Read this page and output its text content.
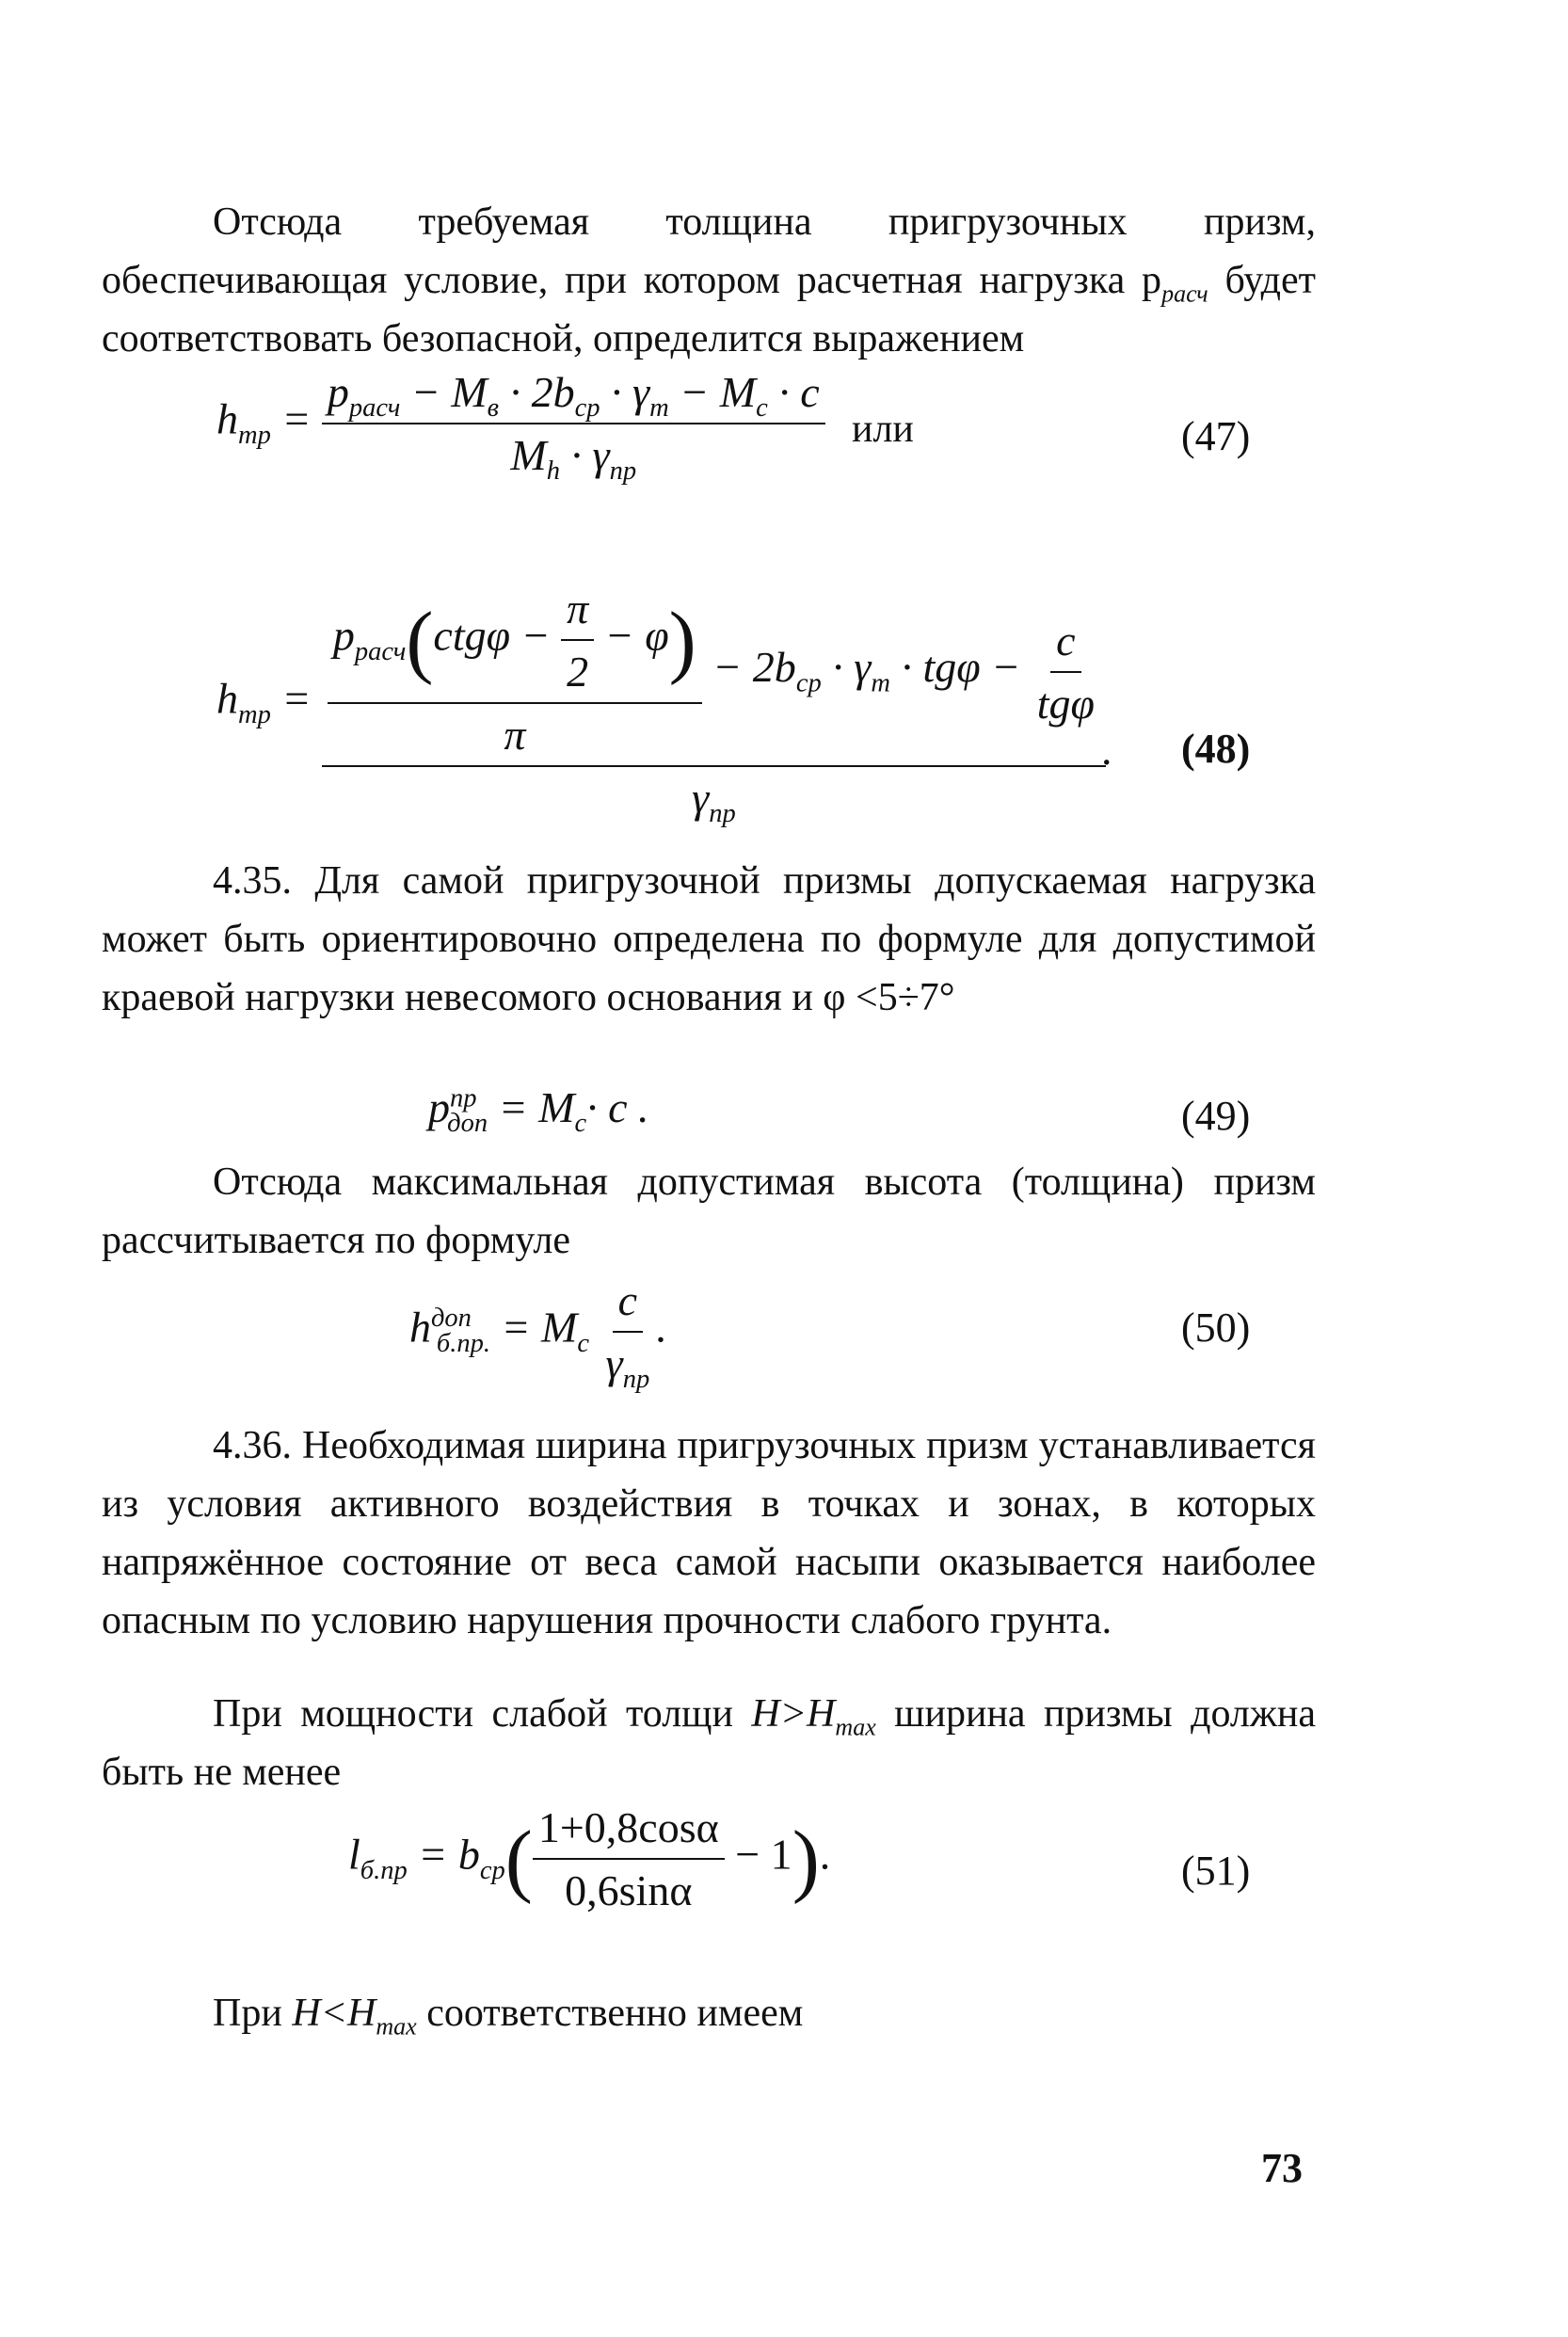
Отсюда требуемая толщина пригрузочных призм, обеспечивающая условие, при котором расчетная нагрузка $p_{расч}$ будет соответствовать безопасной, определится выражением

$h_{тр} = \frac{p_{расч} - M_в \cdot 2b_{ср} \cdot \gamma_т - M_с \cdot c}{M_h \cdot \gamma_{пр}}$ или	(47)
$h_{тр} = \frac{p_{расч}(ctg\varphi - \frac{\pi}{2} - \varphi)}{\pi} - 2b_{ср} \cdot \gamma_т \cdot tg\varphi - \frac{c}{\text{tgφ}}$
$\gamma_{пр}$
. (48)

4.35. Для самой пригрузочной призмы допускаемая нагрузка может быть ориентировочно определена по формуле для допустимой краевой нагрузки невесомого основания и φ <5÷7°

$p^{пр}_{доп} = M_с\cdot c$ .	(49)

Отсюда максимальная допустимая высота (толщина) призм рассчитывается по формуле

$h^{доп}_{б.пр.} = M_с \frac{c}{\gamma_{пр}}$ .	(50)

4.36. Необходимая ширина пригрузочных призм устанавливается из условия активного воздействия в точках и зонах, в которых напряжённое состояние от веса самой насыпи оказывается наиболее опасным по условию нарушения прочности слабого грунта.

При мощности слабой толщи $H>H_{max}$ ширина призмы должна быть не менее

$l_{б.пр} = b_{ср}( \frac{1+0,8\cos\alpha}{0,6\sin\alpha} - 1)$.	(51)

При $H<H_{max}$ соответственно имеем

73
